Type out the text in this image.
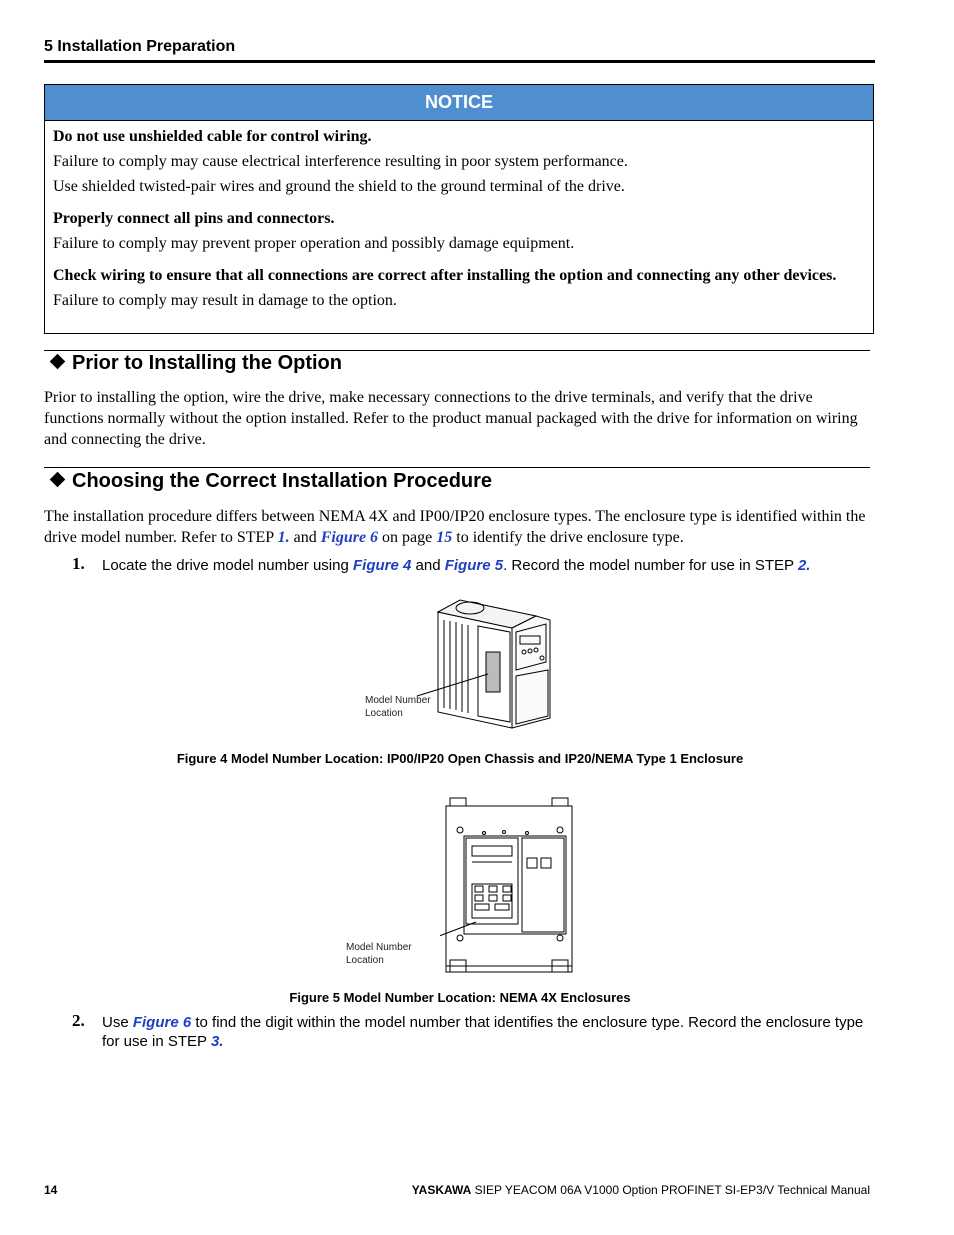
5 Installation Preparation
NOTICE

Do not use unshielded cable for control wiring.

Failure to comply may cause electrical interference resulting in poor system performance.

Use shielded twisted-pair wires and ground the shield to the ground terminal of the drive.

Properly connect all pins and connectors.

Failure to comply may prevent proper operation and possibly damage equipment.

Check wiring to ensure that all connections are correct after installing the option and connecting any other devices.

Failure to comply may result in damage to the option.

Prior to Installing the Option
Prior to installing the option, wire the drive, make necessary connections to the drive terminals, and verify that the drive functions normally without the option installed. Refer to the product manual packaged with the drive for information on wiring and connecting the drive.
Choosing the Correct Installation Procedure
The installation procedure differs between NEMA 4X and IP00/IP20 enclosure types. The enclosure type is identified within the drive model number. Refer to STEP 1. and Figure 6 on page 15 to identify the drive enclosure type.
1. Locate the drive model number using Figure 4 and Figure 5. Record the model number for use in STEP 2.
Model Number
Location
Figure 4 Model Number Location: IP00/IP20 Open Chassis and IP20/NEMA Type 1 Enclosure
Model Number
Location
Figure 5 Model Number Location: NEMA 4X Enclosures
2. Use Figure 6 to find the digit within the model number that identifies the enclosure type. Record the enclosure type for use in STEP 3.
14	YASKAWA SIEP YEACOM 06A V1000 Option PROFINET SI-EP3/V Technical Manual
